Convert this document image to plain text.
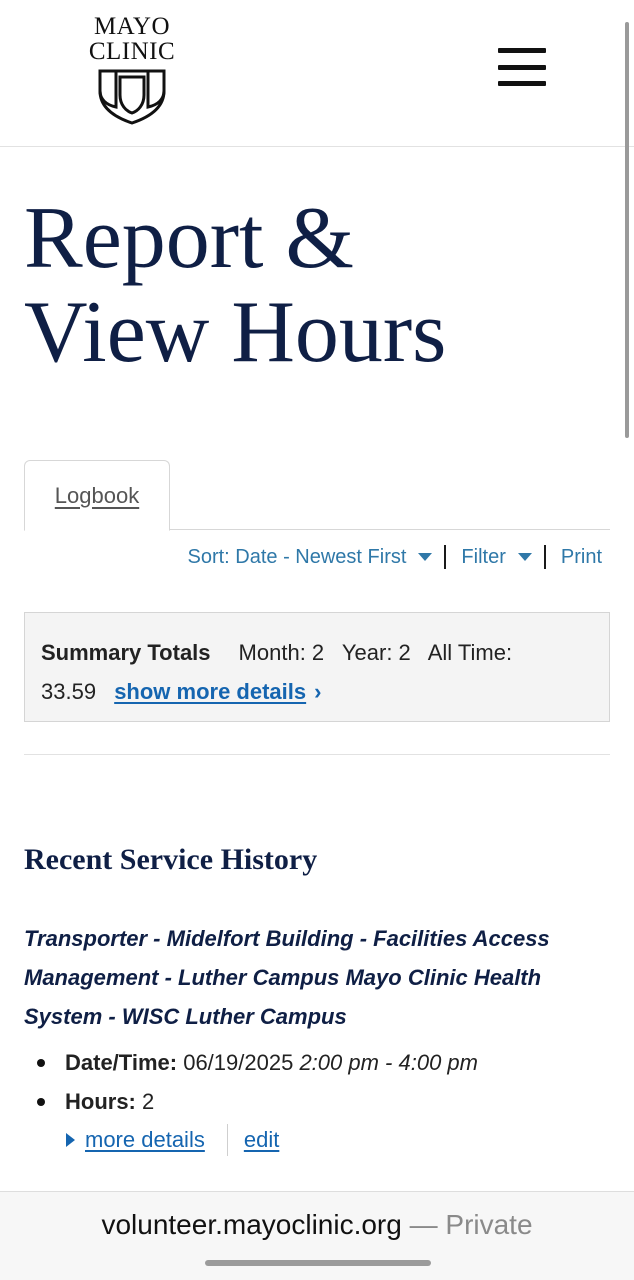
MAYO
CLINIC
Report &
View Hours
Logbook
Sort: Date - Newest First	Filter	Print
Summary Totals Month: 2 Year: 2 All Time:
33.59 show more details ›
Recent Service History
Transporter - Midelfort Building - Facilities Access Management - Luther Campus Mayo Clinic Health System - WISC Luther Campus
Date/Time: 06/19/2025 2:00 pm - 4:00 pm
Hours: 2
more details edit
volunteer.mayoclinic.org — Private
